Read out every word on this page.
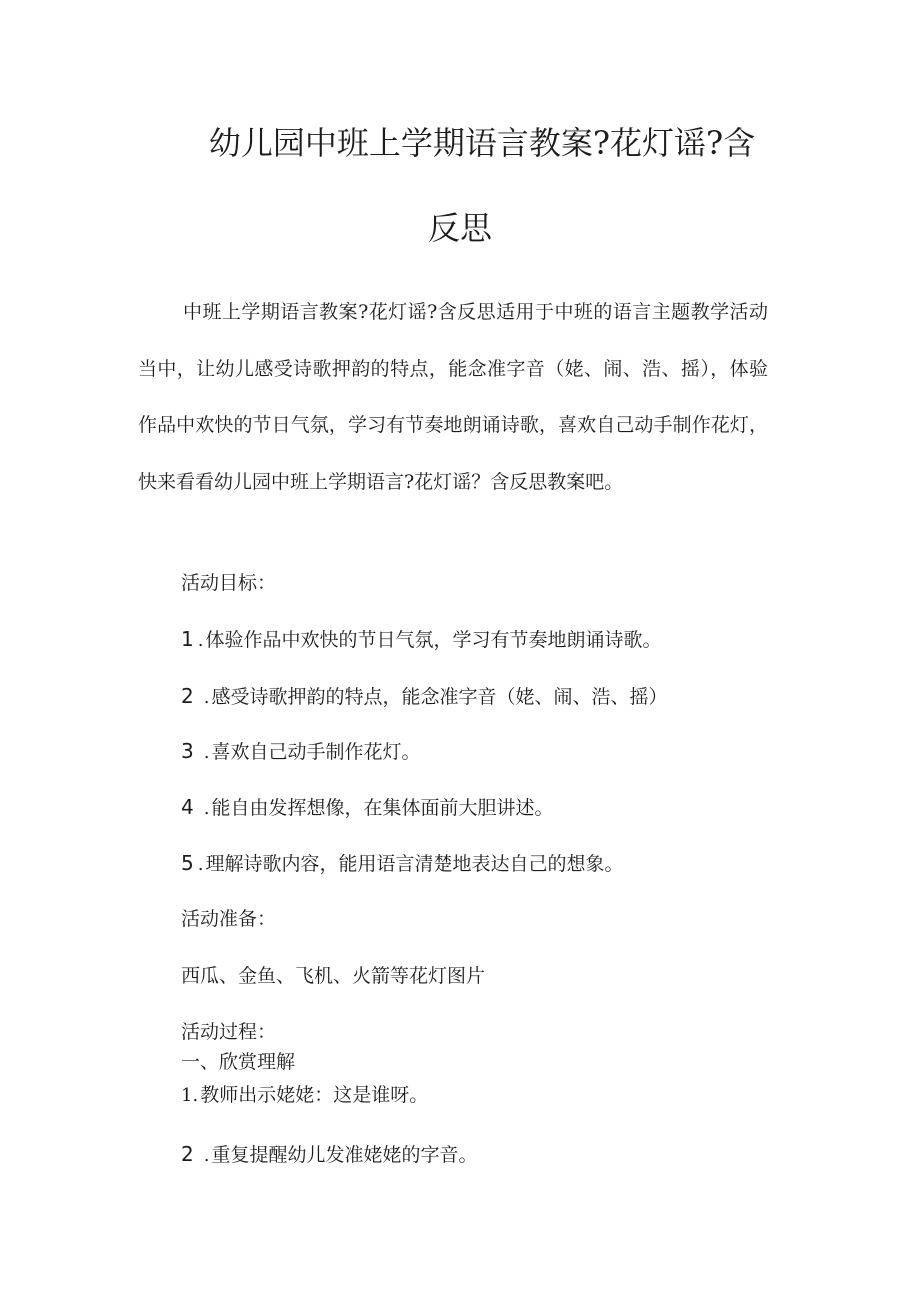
幼儿园中班上学期语言教案?花灯谣?含
反思
中班上学期语言教案?花灯谣?含反思适用于中班的语言主题教学活动当中，让幼儿感受诗歌押韵的特点，能念准字音（姥、闹、浩、摇），体验作品中欢快的节日气氛，学习有节奏地朗诵诗歌，喜欢自己动手制作花灯，快来看看幼儿园中班上学期语言?花灯谣？含反思教案吧。
活动目标：
1 . 体验作品中欢快的节日气氛，学习有节奏地朗诵诗歌。
2 . 感受诗歌押韵的特点，能念准字音（姥、闹、浩、摇）
3 . 喜欢自己动手制作花灯。
4 . 能自由发挥想像，在集体面前大胆讲述。
5 . 理解诗歌内容，能用语言清楚地表达自己的想象。
活动准备：
西瓜、金鱼、飞机、火箭等花灯图片
活动过程：
一、欣赏理解
1. 教师出示姥姥：这是谁呀。
2 . 重复提醒幼儿发准姥姥的字音。
